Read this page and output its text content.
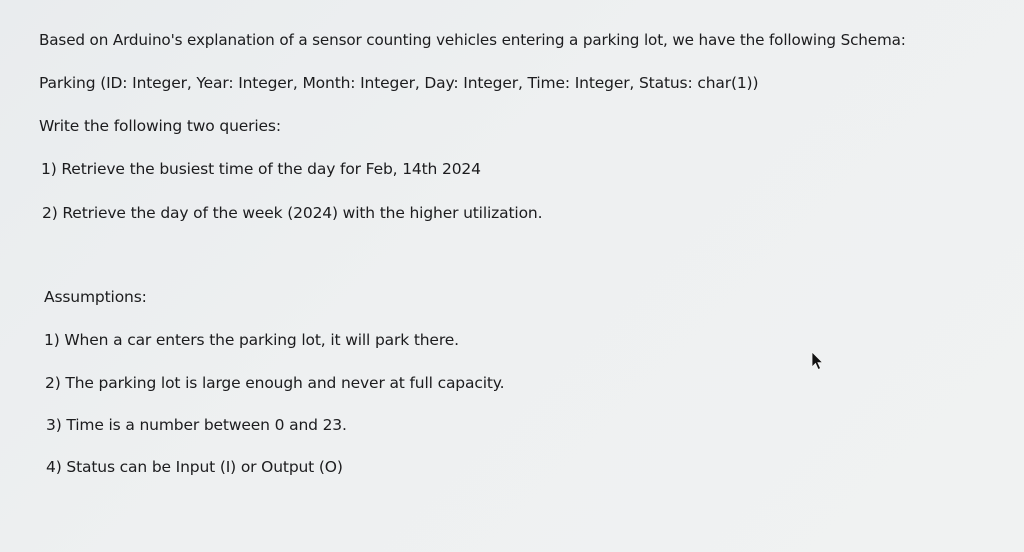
Based on Arduino's explanation of a sensor counting vehicles entering a parking lot, we have the following Schema:
Parking (ID: Integer, Year: Integer, Month: Integer, Day: Integer, Time: Integer, Status: char(1))
Write the following two queries:
1) Retrieve the busiest time of the day for Feb, 14th 2024
2) Retrieve the day of the week (2024) with the higher utilization.
Assumptions:
1) When a car enters the parking lot, it will park there.
2) The parking lot is large enough and never at full capacity.
3) Time is a number between 0 and 23.
4) Status can be Input (I) or Output (O)
